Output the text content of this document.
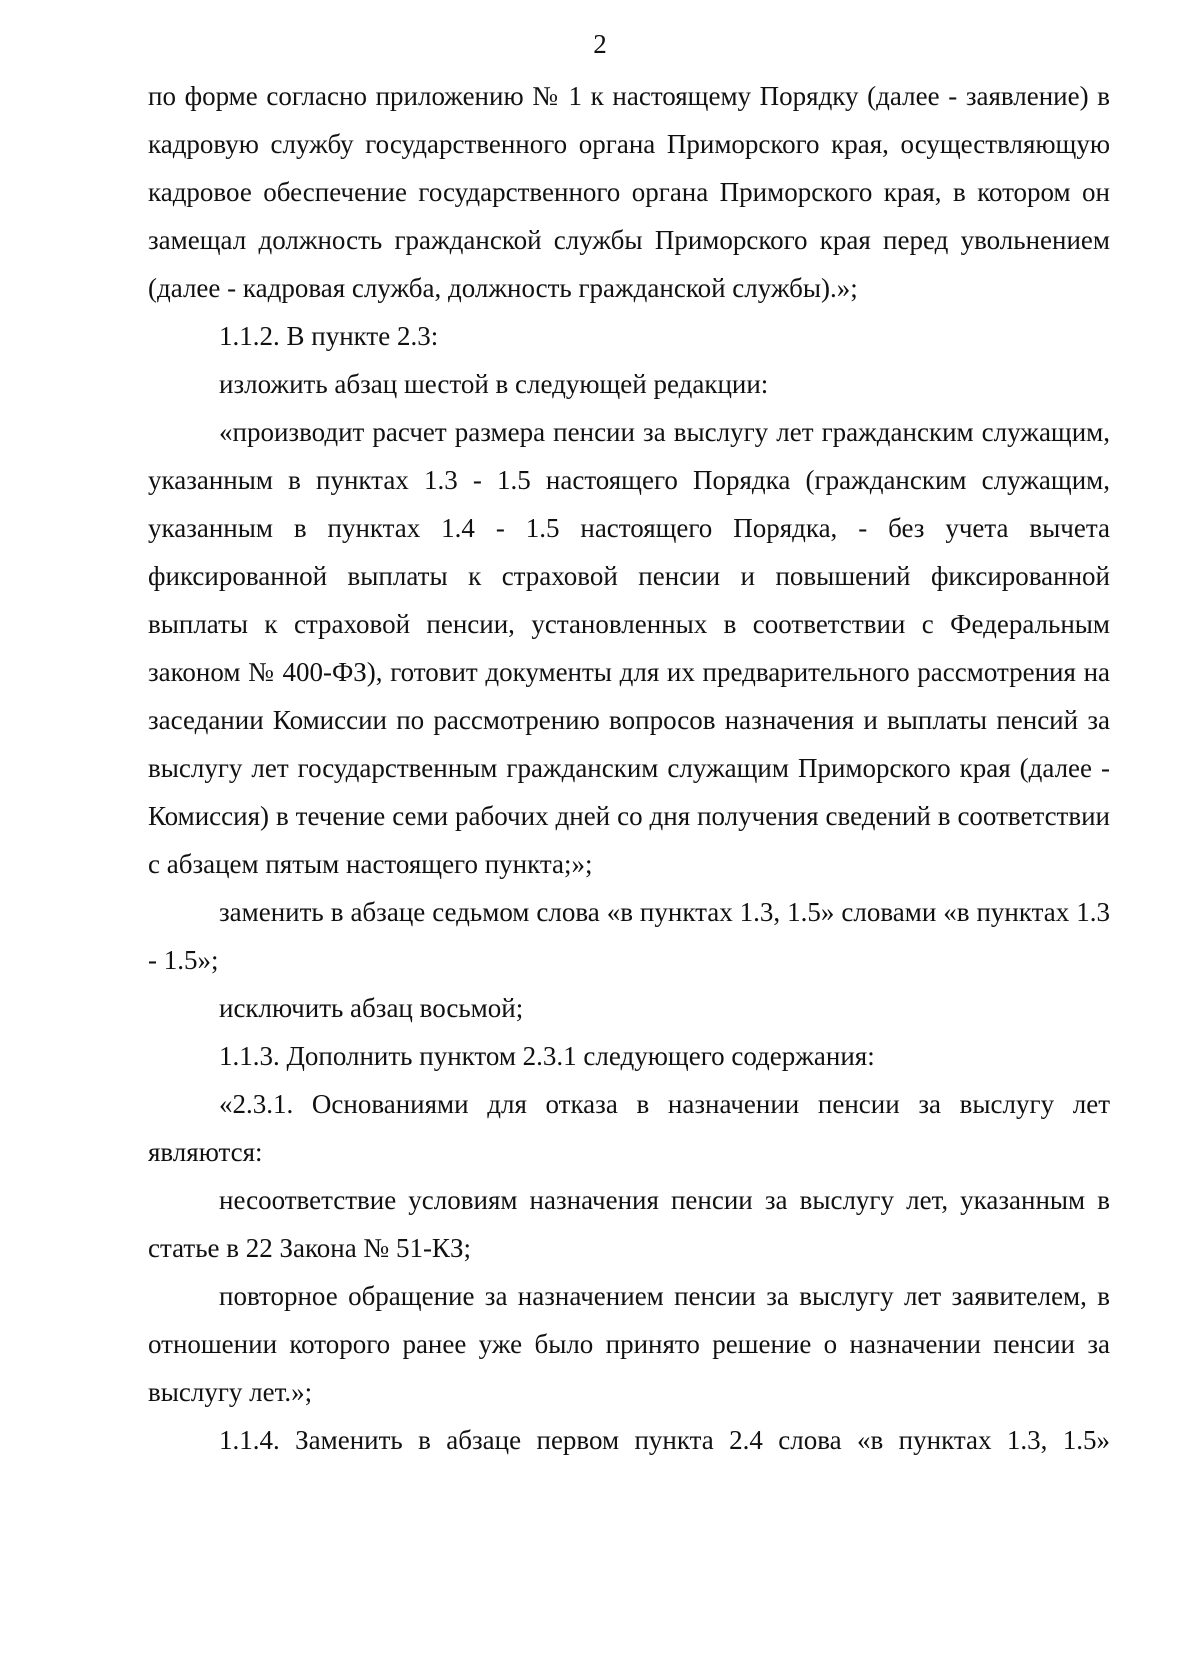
2

по форме согласно приложению № 1 к настоящему Порядку (далее - заявление) в кадровую службу государственного органа Приморского края, осуществляющую кадровое обеспечение государственного органа Приморского края, в котором он замещал должность гражданской службы Приморского края перед увольнением (далее - кадровая служба, должность гражданской службы).»;

1.1.2. В пункте 2.3:

изложить абзац шестой в следующей редакции:

«производит расчет размера пенсии за выслугу лет гражданским служащим, указанным в пунктах 1.3 - 1.5 настоящего Порядка (гражданским служащим, указанным в пунктах 1.4 - 1.5 настоящего Порядка, - без учета вычета фиксированной выплаты к страховой пенсии и повышений фиксированной выплаты к страховой пенсии, установленных в соответствии с Федеральным законом № 400-ФЗ), готовит документы для их предварительного рассмотрения на заседании Комиссии по рассмотрению вопросов назначения и выплаты пенсий за выслугу лет государственным гражданским служащим Приморского края (далее - Комиссия) в течение семи рабочих дней со дня получения сведений в соответствии с абзацем пятым настоящего пункта;»;

заменить в абзаце седьмом слова «в пунктах 1.3, 1.5» словами «в пунктах 1.3 - 1.5»;

исключить абзац восьмой;

1.1.3. Дополнить пунктом 2.3.1 следующего содержания:

«2.3.1. Основаниями для отказа в назначении пенсии за выслугу лет являются:

несоответствие условиям назначения пенсии за выслугу лет, указанным в статье в 22 Закона № 51-КЗ;

повторное обращение за назначением пенсии за выслугу лет заявителем, в отношении которого ранее уже было принято решение о назначении пенсии за выслугу лет.»;

1.1.4. Заменить в абзаце первом пункта 2.4 слова «в пунктах 1.3, 1.5»
